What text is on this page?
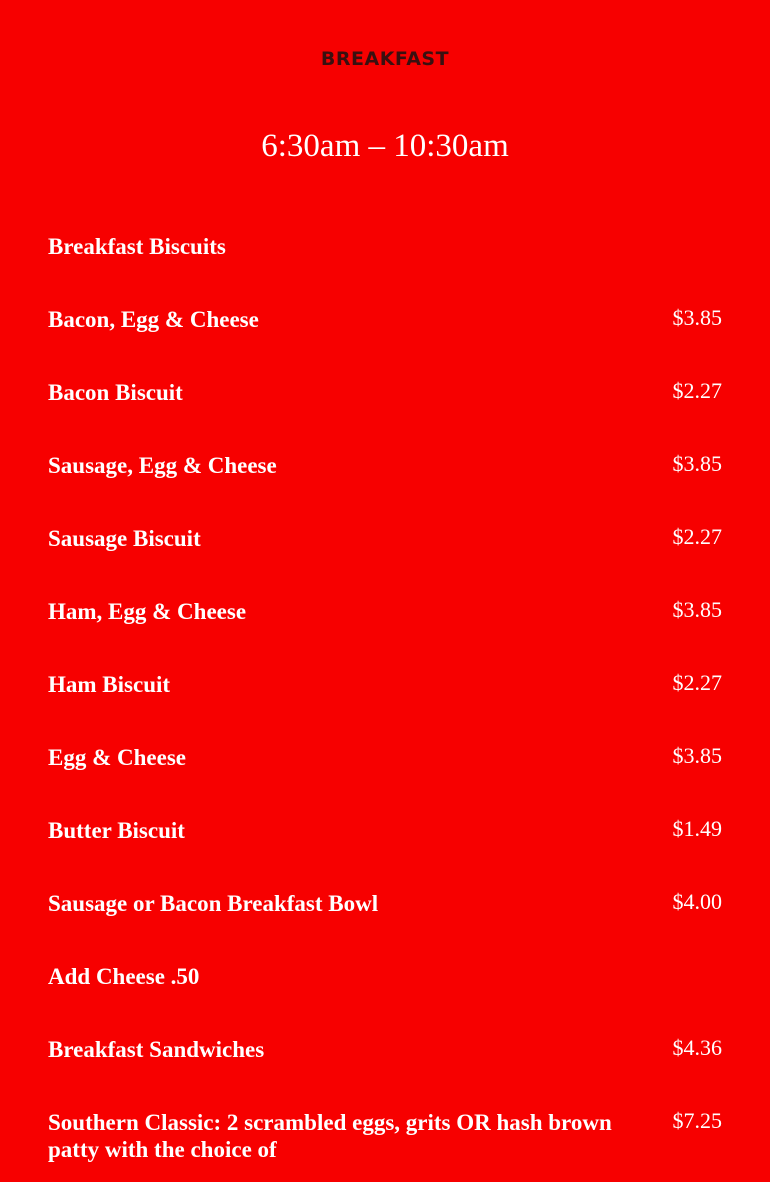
BREAKFAST
6:30am – 10:30am
Breakfast Biscuits
Bacon, Egg & Cheese	$3.85
Bacon Biscuit	$2.27
Sausage, Egg & Cheese	$3.85
Sausage Biscuit	$2.27
Ham, Egg & Cheese	$3.85
Ham Biscuit	$2.27
Egg & Cheese	$3.85
Butter Biscuit	$1.49
Sausage or Bacon Breakfast Bowl	$4.00
Add Cheese .50
Breakfast Sandwiches	$4.36
Southern Classic: 2 scrambled eggs, grits OR hash brown patty with the choice of
$7.25
